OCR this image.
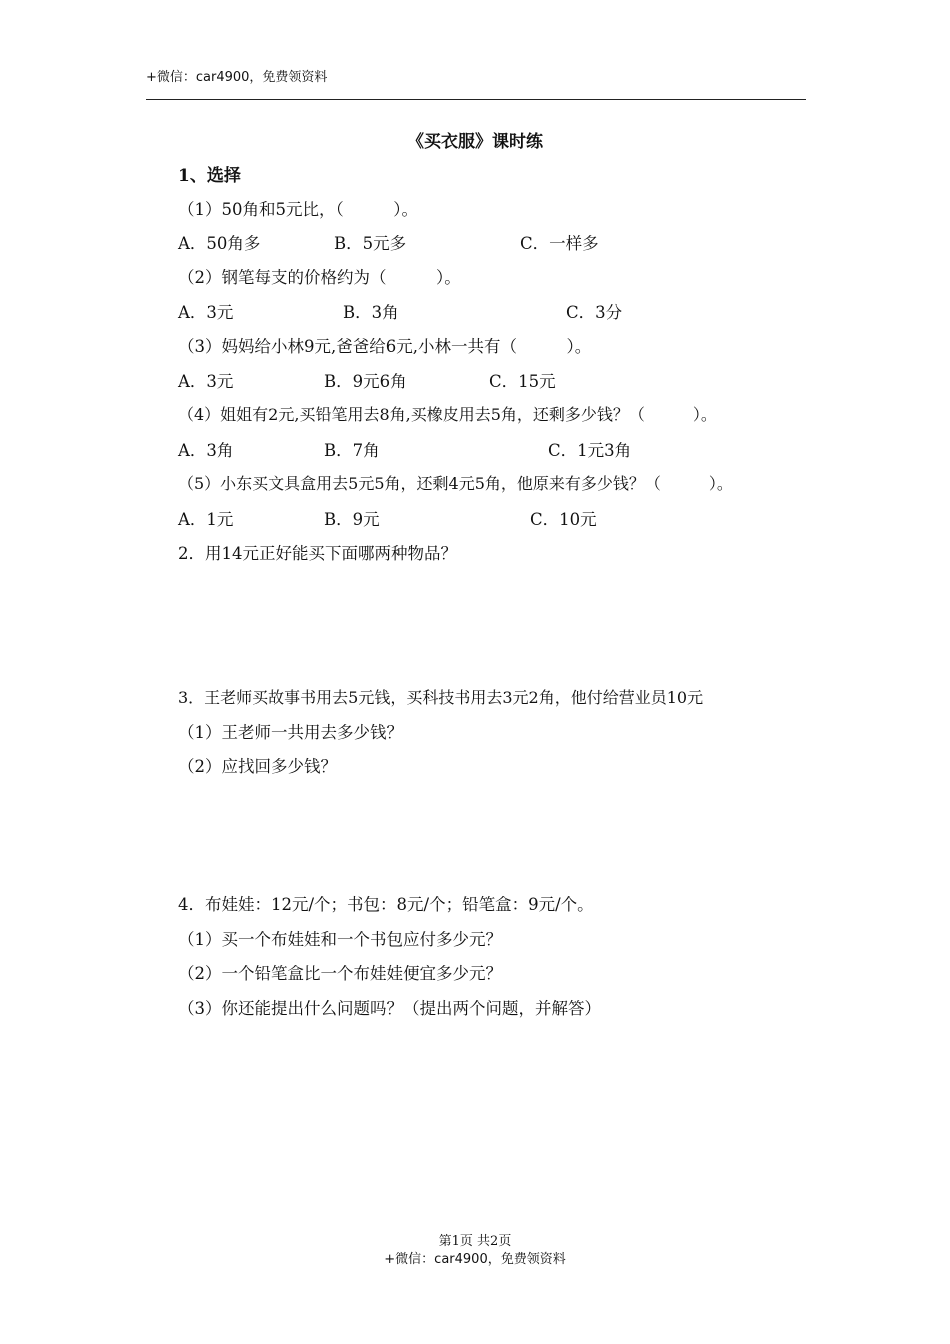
+微信：car4900，免费领资料
《买衣服》课时练
1、选择
（1）50角和5元比，（　　　）。
A．50角多	B．5元多	C．一样多
（2）钢笔每支的价格约为（　　　）。
A．3元	B．3角	C．3分
（3）妈妈给小林9元,爸爸给6元,小林一共有（　　　）。
A．3元	B．9元6角	C．15元
（4）姐姐有2元,买铅笔用去8角,买橡皮用去5角，还剩多少钱？（　　　）。
A．3角	B．7角	C．1元3角
（5）小东买文具盒用去5元5角，还剩4元5角，他原来有多少钱？（　　　）。
A．1元	B．9元	C．10元
2．用14元正好能买下面哪两种物品？
3．王老师买故事书用去5元钱，买科技书用去3元2角，他付给营业员10元
（1）王老师一共用去多少钱？
（2）应找回多少钱？
4．布娃娃：12元/个；书包：8元/个；铅笔盒：9元/个。
（1）买一个布娃娃和一个书包应付多少元？
（2）一个铅笔盒比一个布娃娃便宜多少元？
（3）你还能提出什么问题吗？（提出两个问题，并解答）
第1页 共2页
+微信：car4900，免费领资料
